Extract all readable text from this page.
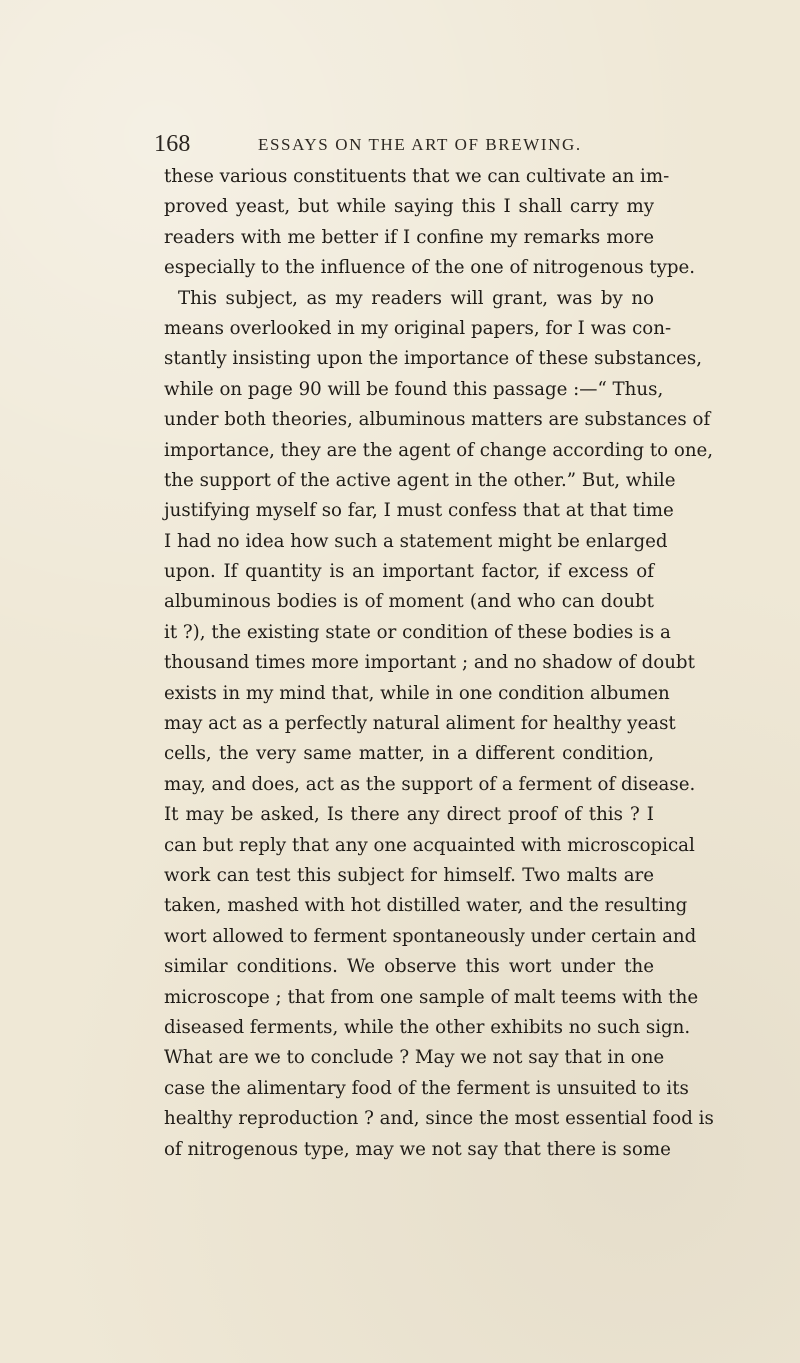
168	ESSAYS ON THE ART OF BREWING.
these various constituents that we can cultivate an im-
proved yeast, but while saying this I shall carry my
readers with me better if I confine my remarks more
especially to the influence of the one of nitrogenous type.
This subject, as my readers will grant, was by no
means overlooked in my original papers, for I was con-
stantly insisting upon the importance of these substances,
while on page 90 will be found this passage :—“ Thus,
under both theories, albuminous matters are substances of
importance, they are the agent of change according to one,
the support of the active agent in the other.” But, while
justifying myself so far, I must confess that at that time
I had no idea how such a statement might be enlarged
upon. If quantity is an important factor, if excess of
albuminous bodies is of moment (and who can doubt
it ?), the existing state or condition of these bodies is a
thousand times more important ; and no shadow of doubt
exists in my mind that, while in one condition albumen
may act as a perfectly natural aliment for healthy yeast
cells, the very same matter, in a different condition,
may, and does, act as the support of a ferment of disease.
It may be asked, Is there any direct proof of this ? I
can but reply that any one acquainted with microscopical
work can test this subject for himself. Two malts are
taken, mashed with hot distilled water, and the resulting
wort allowed to ferment spontaneously under certain and
similar conditions. We observe this wort under the
microscope ; that from one sample of malt teems with the
diseased ferments, while the other exhibits no such sign.
What are we to conclude ? May we not say that in one
case the alimentary food of the ferment is unsuited to its
healthy reproduction ? and, since the most essential food is
of nitrogenous type, may we not say that there is some
